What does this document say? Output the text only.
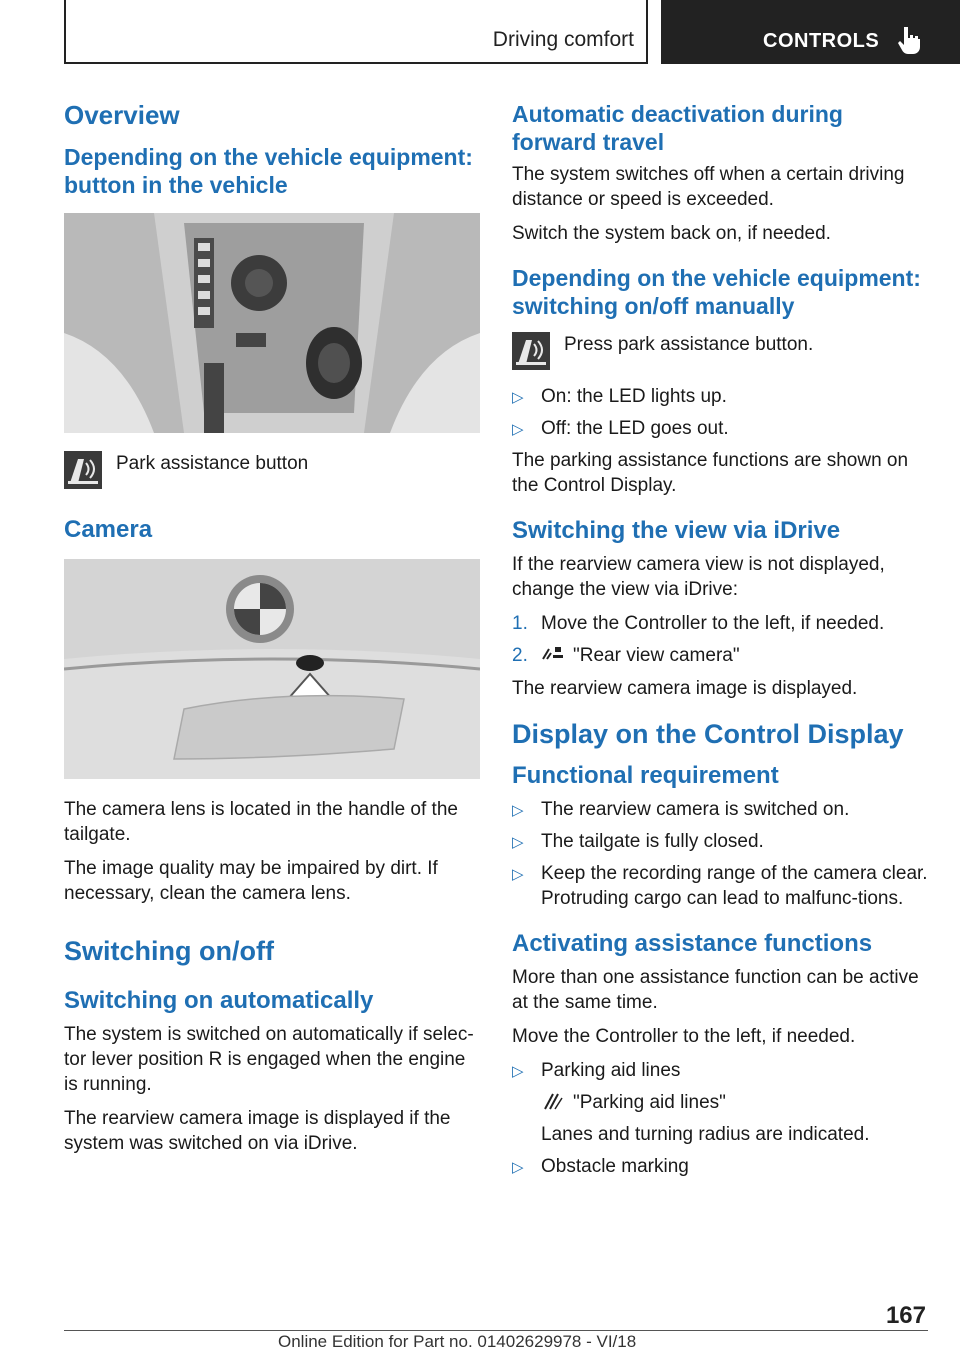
Driving comfort	CONTROLS
Overview
Depending on the vehicle equipment: button in the vehicle
Park assistance button
Camera

The camera lens is located in the handle of the tailgate.

The image quality may be impaired by dirt. If necessary, clean the camera lens.

Switching on/off
Switching on automatically

The system is switched on automatically if selec-tor lever position R is engaged when the engine is running.

The rearview camera image is displayed if the system was switched on via iDrive.

Automatic deactivation during forward travel

The system switches off when a certain driving distance or speed is exceeded.

Switch the system back on, if needed.

Depending on the vehicle equipment: switching on/off manually
Press park assistance button.
▷ On: the LED lights up.
▷ Off: the LED goes out.

The parking assistance functions are shown on the Control Display.

Switching the view via iDrive

If the rearview camera view is not displayed, change the view via iDrive:

1. Move the Controller to the left, if needed.
2. "Rear view camera"

The rearview camera image is displayed.

Display on the Control Display
Functional requirement
▷ The rearview camera is switched on.
▷ The tailgate is fully closed.
▷ Keep the recording range of the camera clear. Protruding cargo can lead to malfunc-tions.
Activating assistance functions

More than one assistance function can be active at the same time.

Move the Controller to the left, if needed.

▷ Parking aid lines
"Parking aid lines"
Lanes and turning radius are indicated.
▷ Obstacle marking
167
Online Edition for Part no. 01402629978 - VI/18
